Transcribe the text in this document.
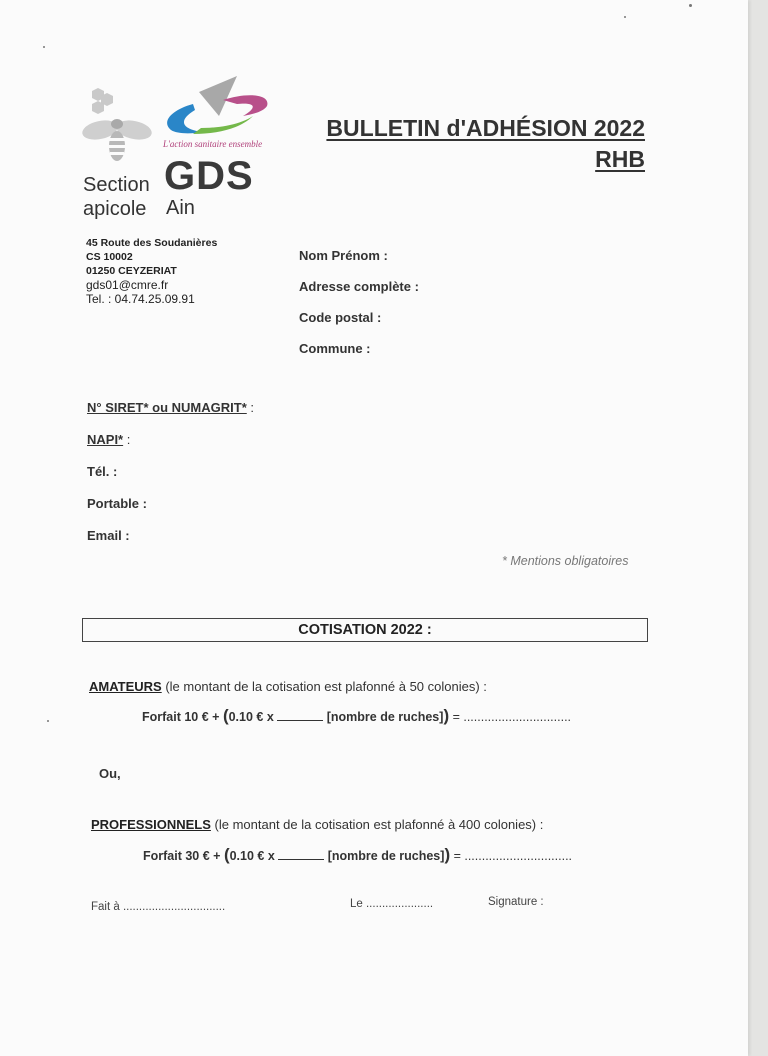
L'action sanitaire ensemble
GDS
Section
apicole Ain
BULLETIN d'ADHÉSION 2022
RHB
45 Route des Soudanières
CS 10002
01250 CEYZERIAT
gds01@cmre.fr
Tel. : 04.74.25.09.91
Nom Prénom :
Adresse complète :
Code postal :
Commune :
N° SIRET* ou NUMAGRIT* :
NAPI* :
Tél. :
Portable :
Email :
* Mentions obligatoires
COTISATION 2022 :
AMATEURS (le montant de la cotisation est plafonné à 50 colonies) :
Forfait 10 € + (0.10 € x	[nombre de ruches]) = ...............................
Ou,
PROFESSIONNELS (le montant de la cotisation est plafonné à 400 colonies) :
Forfait 30 € + (0.10 € x	[nombre de ruches]) = ...............................
Fait à ................................	Le .....................	Signature :
